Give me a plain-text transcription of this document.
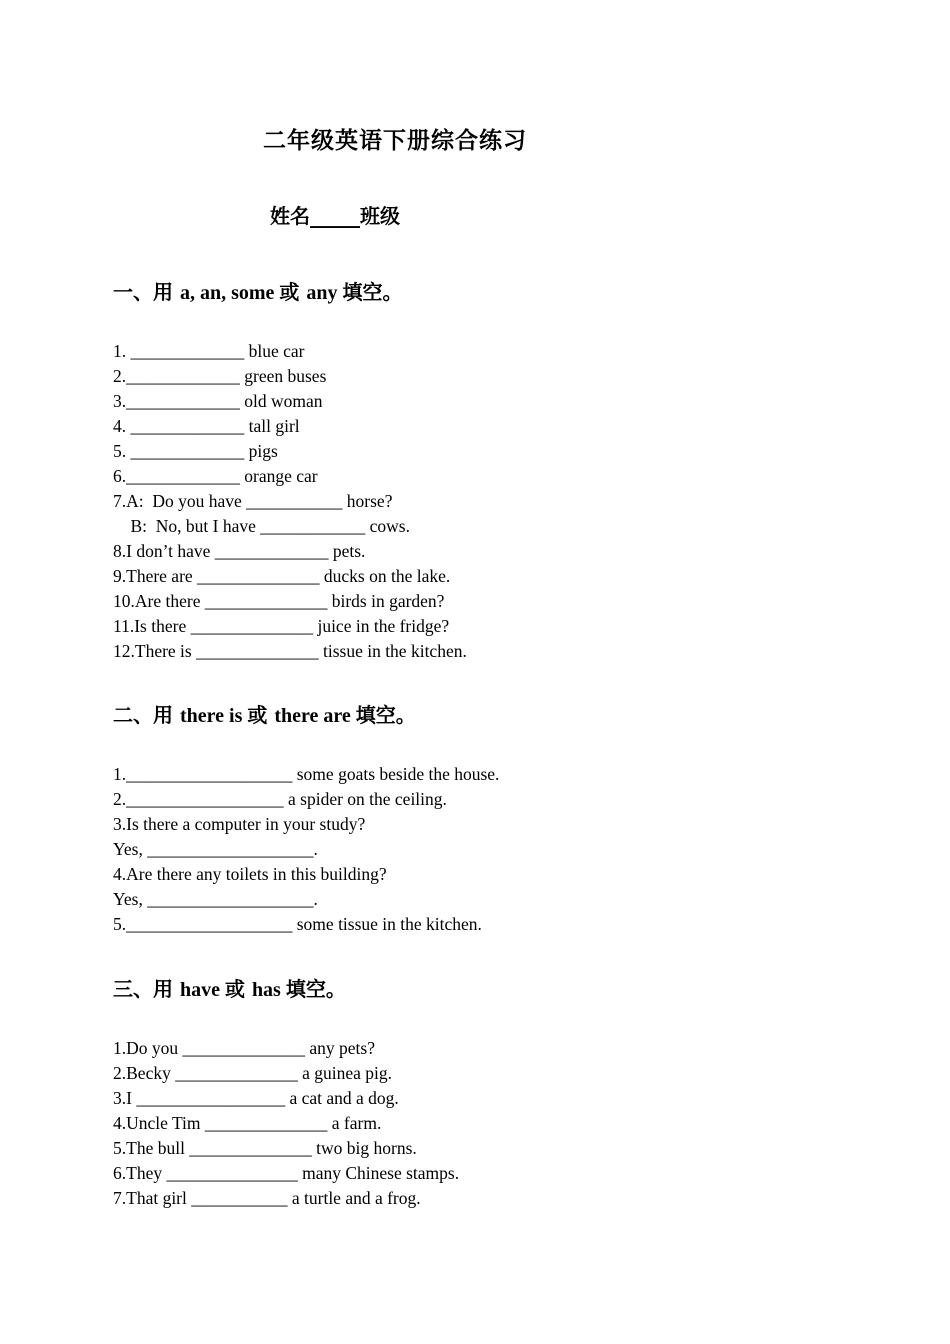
二年级英语下册综合练习
姓名_____班级
一、用 a, an, some 或 any 填空。
1. _____________ blue car
2._____________ green buses
3._____________ old woman
4. _____________ tall girl
5. _____________ pigs
6._____________ orange car
7.A:  Do you have ___________ horse?
B:  No, but I have ____________ cows.
8.I don’t have _____________ pets.
9.There are ______________ ducks on the lake.
10.Are there ______________ birds in garden?
11.Is there ______________ juice in the fridge?
12.There is ______________ tissue in the kitchen.
二、用 there is 或 there are 填空。
1.___________________ some goats beside the house.
2.__________________ a spider on the ceiling.
3.Is there a computer in your study?
Yes, ___________________.
4.Are there any toilets in this building?
Yes, ___________________.
5.___________________ some tissue in the kitchen.
三、用 have 或 has 填空。
1.Do you ______________ any pets?
2.Becky ______________ a guinea pig.
3.I _________________ a cat and a dog.
4.Uncle Tim ______________ a farm.
5.The bull ______________ two big horns.
6.They _______________ many Chinese stamps.
7.That girl ___________ a turtle and a frog.
